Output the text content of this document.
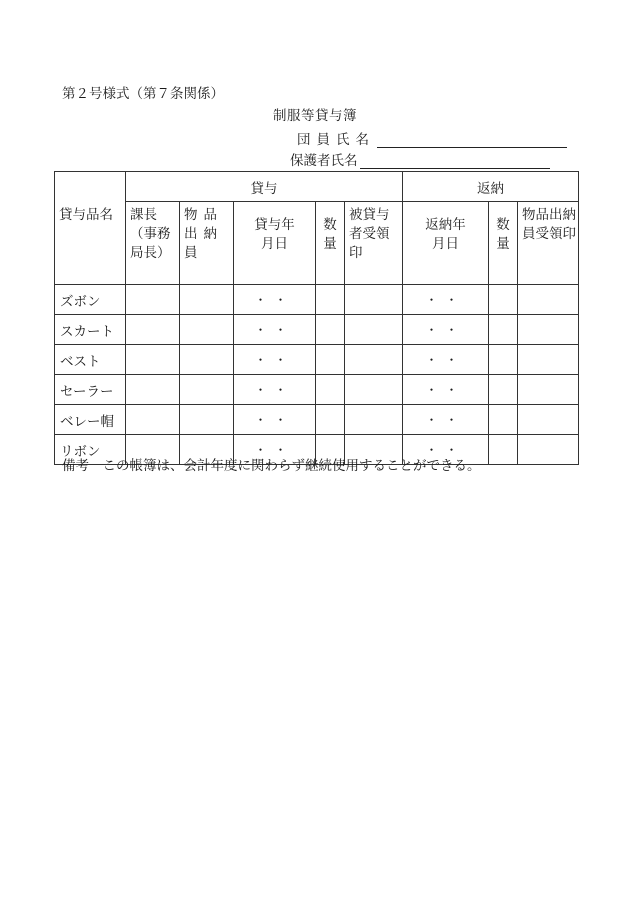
第２号様式（第７条関係）
制服等貸与簿
団員氏名
保護者氏名
貸与品名	貸与					返納		
	課長（事務局長）	物品出納員	貸与年月日	数量	被貸与者受領印	返納年月日	数量	物品出納員受領印
ズボン			・・			・・		
スカート			・・			・・		
ベスト			・・			・・		
セーラー			・・			・・		
ベレー帽			・・			・・		
リボン			・・			・・		
備考　この帳簿は、会計年度に関わらず継続使用することができる。
